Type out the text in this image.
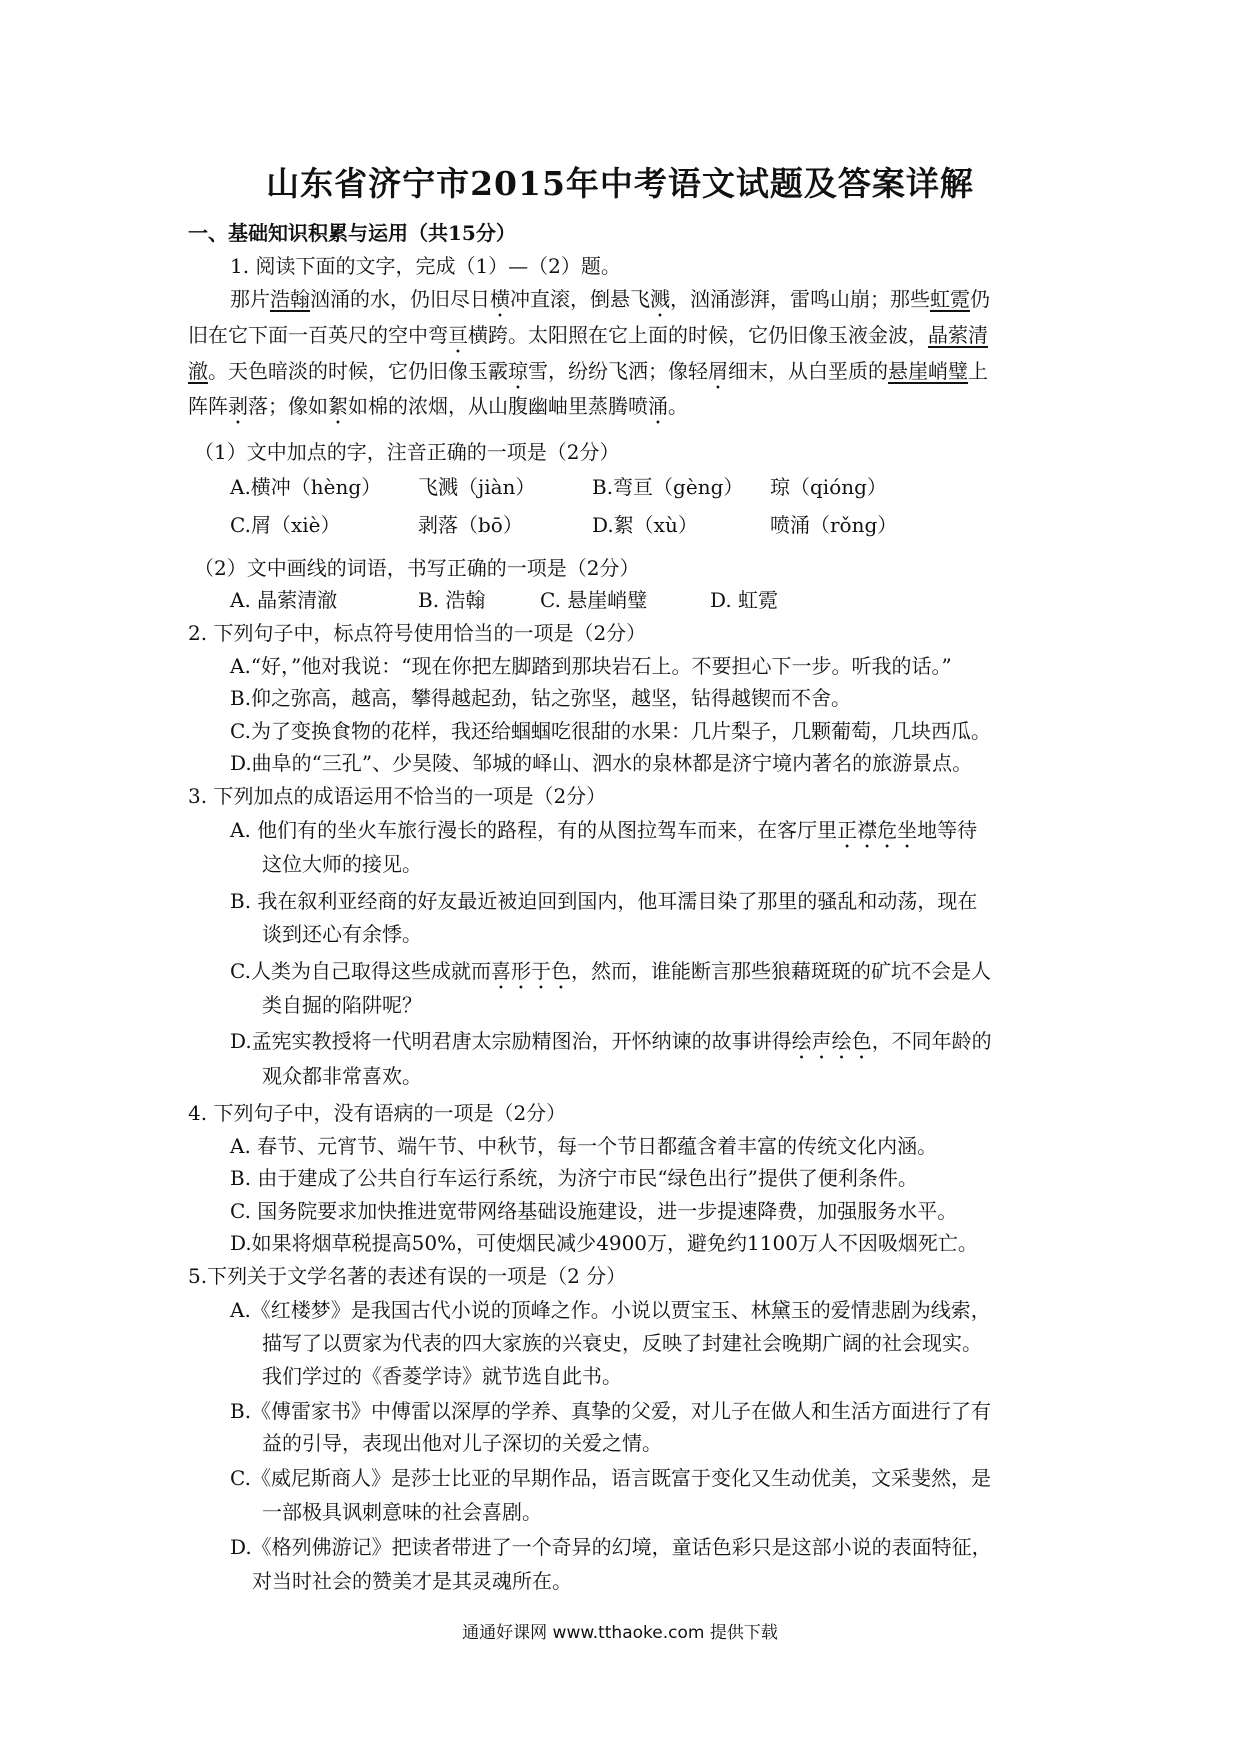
山东省济宁市2015年中考语文试题及答案详解
一、基础知识积累与运用（共15分）
1. 阅读下面的文字，完成（1）—（2）题。
那片浩翰汹涌的水，仍旧尽日横冲直滚，倒悬飞溅，汹涌澎湃，雷鸣山崩；那些虹霓仍
旧在它下面一百英尺的空中弯亘横跨。太阳照在它上面的时候，它仍旧像玉液金波，晶萦清
澈。天色暗淡的时候，它仍旧像玉霰琼雪，纷纷飞洒；像轻屑细末，从白垩质的悬崖峭璧上
阵阵剥落；像如絮如棉的浓烟，从山腹幽岫里蒸腾喷涌。
（1）文中加点的字，注音正确的一项是（2分）
A.横冲（hèng） 飞溅（jiàn）	B.弯亘（gèng） 琼（qióng）
C.屑（xiè）	剥落（bō）	D.絮（xù）	喷涌（rǒng）
（2）文中画线的词语，书写正确的一项是（2分）
A. 晶萦清澈	B. 浩翰	C. 悬崖峭璧	D. 虹霓
2. 下列句子中，标点符号使用恰当的一项是（2分）
A.“好，”他对我说：“现在你把左脚踏到那块岩石上。不要担心下一步。听我的话。”
B.仰之弥高，越高，攀得越起劲，钻之弥坚，越坚，钻得越锲而不舍。
C.为了变换食物的花样，我还给蝈蝈吃很甜的水果：几片梨子，几颗葡萄，几块西瓜。
D.曲阜的“三孔”、少昊陵、邹城的峄山、泗水的泉林都是济宁境内著名的旅游景点。
3. 下列加点的成语运用不恰当的一项是（2分）
A. 他们有的坐火车旅行漫长的路程，有的从图拉驾车而来，在客厅里正襟危坐地等待
这位大师的接见。
B. 我在叙利亚经商的好友最近被迫回到国内，他耳濡目染了那里的骚乱和动荡，现在
谈到还心有余悸。
C.人类为自己取得这些成就而喜形于色，然而，谁能断言那些狼藉斑斑的矿坑不会是人
类自掘的陷阱呢？
D.孟宪实教授将一代明君唐太宗励精图治，开怀纳谏的故事讲得绘声绘色，不同年龄的
观众都非常喜欢。
4. 下列句子中，没有语病的一项是（2分）
A. 春节、元宵节、端午节、中秋节，每一个节日都蕴含着丰富的传统文化内涵。
B. 由于建成了公共自行车运行系统，为济宁市民“绿色出行”提供了便利条件。
C. 国务院要求加快推进宽带网络基础设施建设，进一步提速降费，加强服务水平。
D.如果将烟草税提高50%，可使烟民减少4900万，避免约1100万人不因吸烟死亡。
5.下列关于文学名著的表述有误的一项是（2 分）
A.《红楼梦》是我国古代小说的顶峰之作。小说以贾宝玉、林黛玉的爱情悲剧为线索，
描写了以贾家为代表的四大家族的兴衰史，反映了封建社会晚期广阔的社会现实。
我们学过的《香菱学诗》就节选自此书。
B.《傅雷家书》中傅雷以深厚的学养、真挚的父爱，对儿子在做人和生活方面进行了有
益的引导，表现出他对儿子深切的关爱之情。
C.《威尼斯商人》是莎士比亚的早期作品，语言既富于变化又生动优美，文采斐然，是
一部极具讽刺意味的社会喜剧。
D.《格列佛游记》把读者带进了一个奇异的幻境，童话色彩只是这部小说的表面特征，
对当时社会的赞美才是其灵魂所在。
通通好课网 www.tthaoke.com 提供下载
